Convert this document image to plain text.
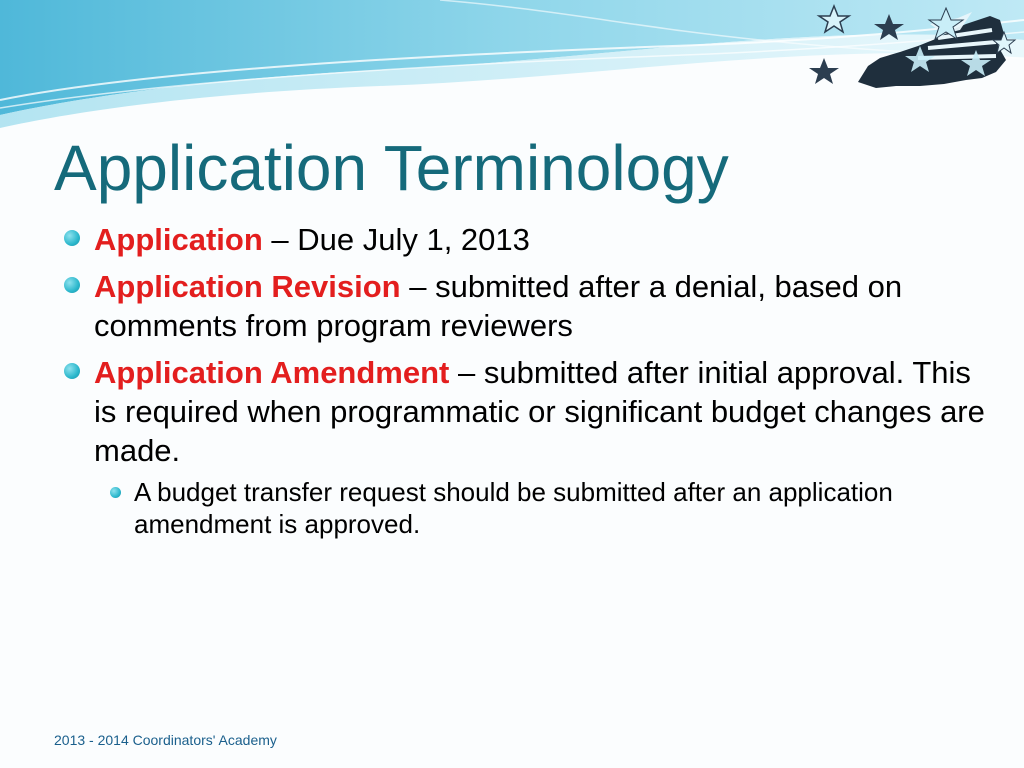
Application Terminology
Application – Due July 1, 2013
Application Revision – submitted after a denial, based on comments from program reviewers
Application Amendment – submitted after initial approval. This is required when programmatic or significant budget changes are made.
A budget transfer request should be submitted after an application amendment is approved.
2013 - 2014 Coordinators' Academy
